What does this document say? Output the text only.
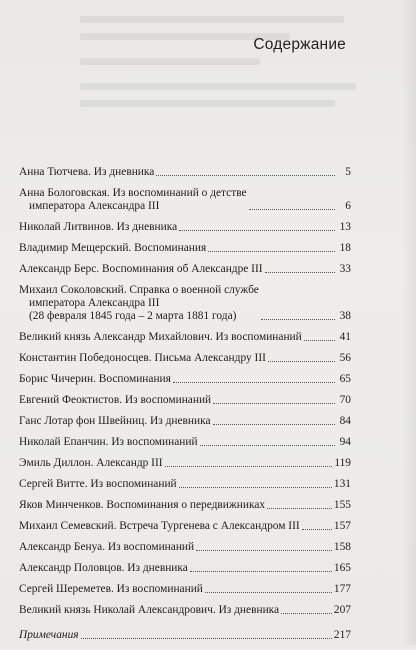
Содержание
Анна Тютчева. Из дневника	5
Анна Бологовская. Из воспоминаний о детстве
императора Александра III	6
Николай Литвинов. Из дневника	13
Владимир Мещерский. Воспоминания	18
Александр Берс. Воспоминания об Александре III	33
Михаил Соколовский. Справка о военной службе
императора Александра III
(28 февраля 1845 года – 2 марта 1881 года)	38
Великий князь Александр Михайлович. Из воспоминаний	41
Константин Победоносцев. Письма Александру III	56
Борис Чичерин. Воспоминания	65
Евгений Феоктистов. Из воспоминаний	70
Ганс Лотар фон Швейниц. Из дневника	84
Николай Епанчин. Из воспоминаний	94
Эмиль Диллон. Александр III	119
Сергей Витте. Из воспоминаний	131
Яков Минченков. Воспоминания о передвижниках	155
Михаил Семевский. Встреча Тургенева с Александром III	157
Александр Бенуа. Из воспоминаний	158
Александр Половцов. Из дневника	165
Сергей Шереметев. Из воспоминаний	177
Великий князь Николай Александрович. Из дневника	207
Примечания	217
